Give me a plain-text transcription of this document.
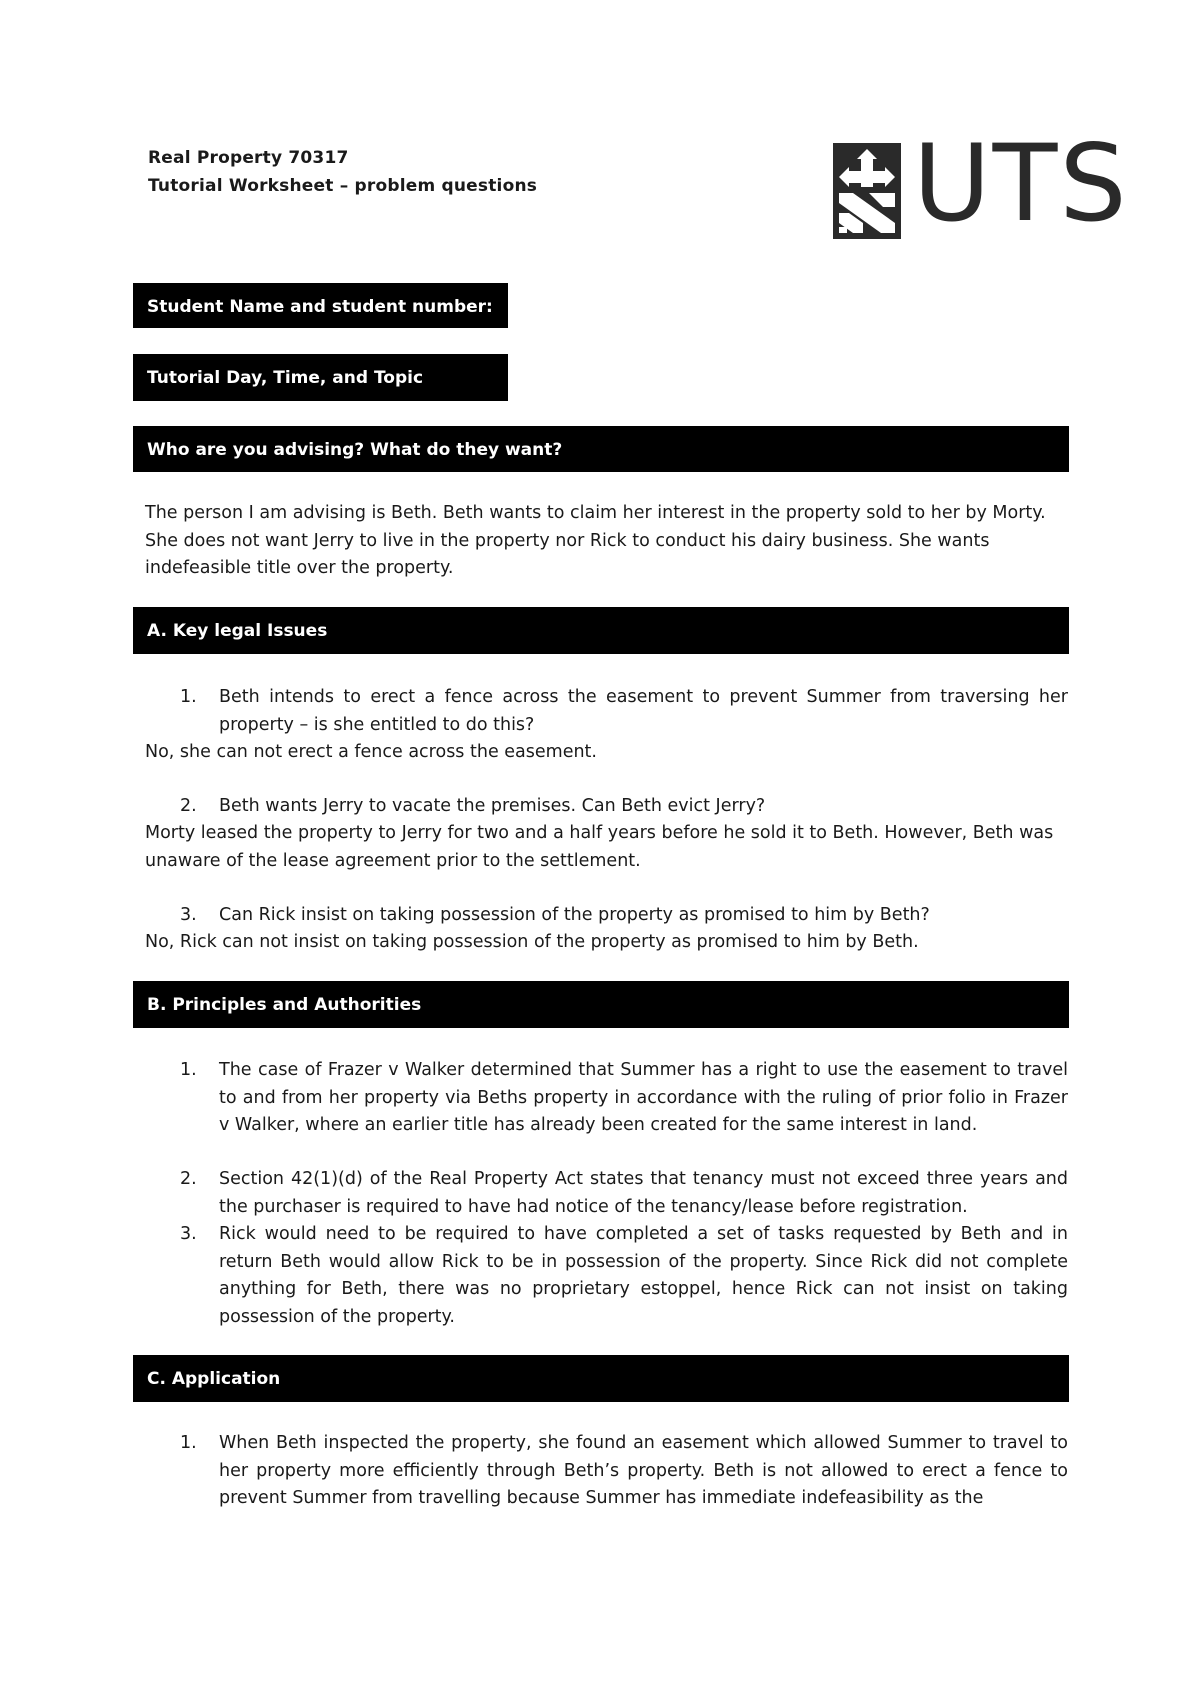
Real Property 70317
Tutorial Worksheet – problem questions	UTS
Student Name and student number:
Tutorial Day, Time, and Topic
Who are you advising? What do they want?
The person I am advising is Beth. Beth wants to claim her interest in the property sold to her by Morty. She does not want Jerry to live in the property nor Rick to conduct his dairy business. She wants indefeasible title over the property.
A. Key legal Issues
1. Beth intends to erect a fence across the easement to prevent Summer from traversing her property – is she entitled to do this?
No, she can not erect a fence across the easement.
2. Beth wants Jerry to vacate the premises. Can Beth evict Jerry?
Morty leased the property to Jerry for two and a half years before he sold it to Beth. However, Beth was unaware of the lease agreement prior to the settlement.
3. Can Rick insist on taking possession of the property as promised to him by Beth?
No, Rick can not insist on taking possession of the property as promised to him by Beth.
B. Principles and Authorities
1. The case of Frazer v Walker determined that Summer has a right to use the easement to travel to and from her property via Beths property in accordance with the ruling of prior folio in Frazer v Walker, where an earlier title has already been created for the same interest in land.
2. Section 42(1)(d) of the Real Property Act states that tenancy must not exceed three years and the purchaser is required to have had notice of the tenancy/lease before registration.
3. Rick would need to be required to have completed a set of tasks requested by Beth and in return Beth would allow Rick to be in possession of the property. Since Rick did not complete anything for Beth, there was no proprietary estoppel, hence Rick can not insist on taking possession of the property.
C. Application
1. When Beth inspected the property, she found an easement which allowed Summer to travel to her property more efficiently through Beth’s property. Beth is not allowed to erect a fence to prevent Summer from travelling because Summer has immediate indefeasibility as the
